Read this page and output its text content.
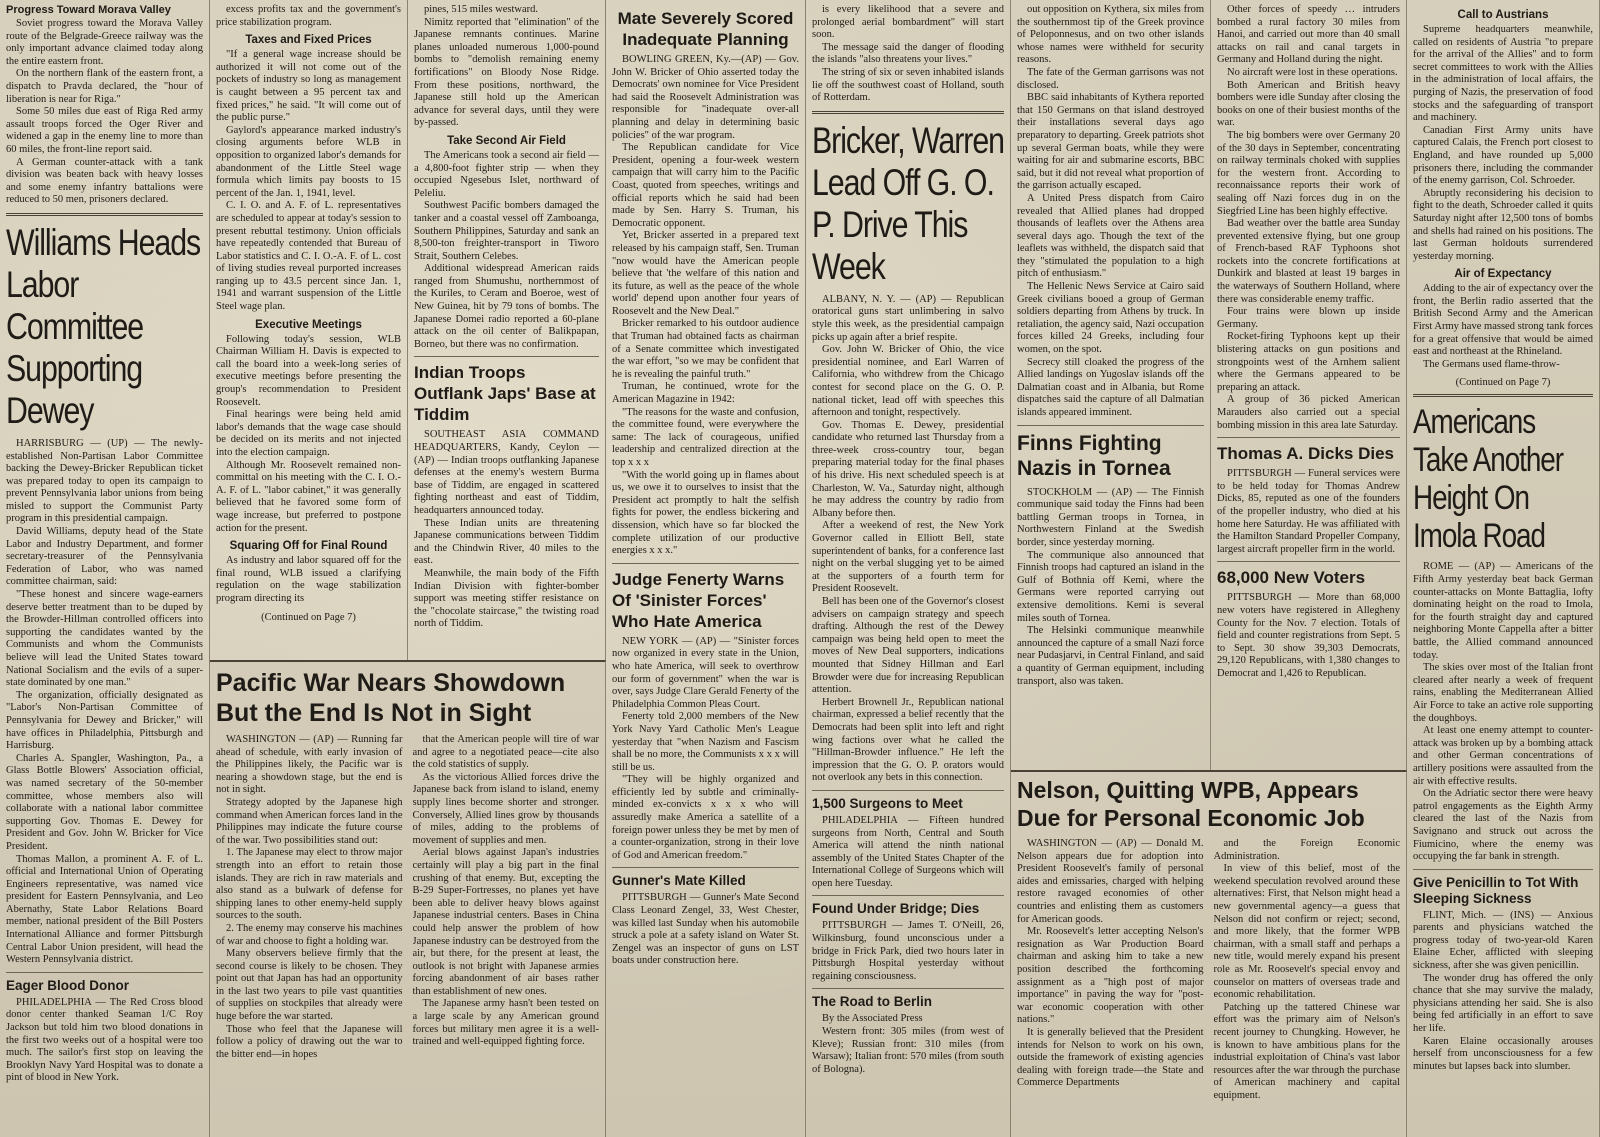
Progress Toward Morava Valley

Soviet progress toward the Morava Valley route of the Belgrade-Greece railway was the only important advance claimed today along the entire eastern front.

On the northern flank of the eastern front, a dispatch to Pravda declared, the "hour of liberation is near for Riga."

Some 50 miles due east of Riga Red army assault troops forced the Oger River and widened a gap in the enemy line to more than 60 miles, the front-line report said.

A German counter-attack with a tank division was beaten back with heavy losses and some enemy infantry battalions were reduced to 50 men, prisoners declared.

Williams Heads Labor Committee Supporting Dewey

HARRISBURG — (UP) — The newly-established Non-Partisan Labor Committee backing the Dewey-Bricker Republican ticket was prepared today to open its campaign to prevent Pennsylvania labor unions from being misled to support the Communist Party program in this presidential campaign.

David Williams, deputy head of the State Labor and Industry Department, and former secretary-treasurer of the Pennsylvania Federation of Labor, who was named committee chairman, said:

"These honest and sincere wage-earners deserve better treatment than to be duped by the Browder-Hillman controlled officers into supporting the candidates wanted by the Communists and whom the Communists believe will lead the United States toward National Socialism and the evils of a super-state dominated by one man."

The organization, officially designated as "Labor's Non-Partisan Committee of Pennsylvania for Dewey and Bricker," will have offices in Philadelphia, Pittsburgh and Harrisburg.

Charles A. Spangler, Washington, Pa., a Glass Bottle Blowers' Association official, was named secretary of the 50-member committee, whose members also will collaborate with a national labor committee supporting Gov. Thomas E. Dewey for President and Gov. John W. Bricker for Vice President.

Thomas Mallon, a prominent A. F. of L. official and International Union of Operating Engineers representative, was named vice president for Eastern Pennsylvania, and Leo Abernathy, State Labor Relations Board member, national president of the Bill Posters International Alliance and former Pittsburgh Central Labor Union president, will head the Western Pennsylvania district.

Eager Blood Donor

PHILADELPHIA — The Red Cross blood donor center thanked Seaman 1/C Roy Jackson but told him two blood donations in the first two weeks out of a hospital were too much. The sailor's first stop on leaving the Brooklyn Navy Yard Hospital was to donate a pint of blood in New York.

excess profits tax and the government's price stabilization program.

Taxes and Fixed Prices

"If a general wage increase should be authorized it will not come out of the pockets of industry so long as management is caught between a 95 percent tax and fixed prices," he said. "It will come out of the public purse."

Gaylord's appearance marked industry's closing arguments before WLB in opposition to organized labor's demands for abandonment of the Little Steel wage formula which limits pay boosts to 15 percent of the Jan. 1, 1941, level.

C. I. O. and A. F. of L. representatives are scheduled to appear at today's session to present rebuttal testimony. Union officials have repeatedly contended that Bureau of Labor statistics and C. I. O.-A. F. of L. cost of living studies reveal purported increases ranging up to 43.5 percent since Jan. 1, 1941 and warrant suspension of the Little Steel wage plan.

Executive Meetings

Following today's session, WLB Chairman William H. Davis is expected to call the board into a week-long series of executive meetings before presenting the group's recommendation to President Roosevelt.

Final hearings were being held amid labor's demands that the wage case should be decided on its merits and not injected into the election campaign.

Although Mr. Roosevelt remained non-committal on his meeting with the C. I. O.-A. F. of L. "labor cabinet," it was generally believed that he favored some form of wage increase, but preferred to postpone action for the present.

Squaring Off for Final Round

As industry and labor squared off for the final round, WLB issued a clarifying regulation on the wage stabilization program directing its

(Continued on Page 7)

pines, 515 miles westward.

Nimitz reported that "elimination" of the Japanese remnants continues. Marine planes unloaded numerous 1,000-pound bombs to "demolish remaining enemy fortifications" on Bloody Nose Ridge. From these positions, northward, the Japanese still hold up the American advance for several days, until they were by-passed.

Take Second Air Field

The Americans took a second air field — a 4,800-foot fighter strip — when they occupied Ngesebus Islet, northward of Peleliu.

Southwest Pacific bombers damaged the tanker and a coastal vessel off Zamboanga, Southern Philippines, Saturday and sank an 8,500-ton freighter-transport in Tiworo Strait, Southern Celebes.

Additional widespread American raids ranged from Shumushu, northernmost of the Kuriles, to Ceram and Boeroe, west of New Guinea, hit by 79 tons of bombs. The Japanese Domei radio reported a 60-plane attack on the oil center of Balikpapan, Borneo, but there was no confirmation.

Indian Troops Outflank Japs' Base at Tiddim

SOUTHEAST ASIA COMMAND HEADQUARTERS, Kandy, Ceylon — (AP) — Indian troops outflanking Japanese defenses at the enemy's western Burma base of Tiddim, are engaged in scattered fighting northeast and east of Tiddim, headquarters announced today.

These Indian units are threatening Japanese communications between Tiddim and the Chindwin River, 40 miles to the east.

Meanwhile, the main body of the Fifth Indian Division with fighter-bomber support was meeting stiffer resistance on the "chocolate staircase," the twisting road north of Tiddim.

Mate Severely Scored Inadequate Planning

BOWLING GREEN, Ky.—(AP) — Gov. John W. Bricker of Ohio asserted today the Democrats' own nominee for Vice President had said the Roosevelt Administration was responsible for "inadequate over-all planning and delay in determining basic policies" of the war program.

The Republican candidate for Vice President, opening a four-week western campaign that will carry him to the Pacific Coast, quoted from speeches, writings and official reports which he said had been made by Sen. Harry S. Truman, his Democratic opponent.

Yet, Bricker asserted in a prepared text released by his campaign staff, Sen. Truman "now would have the American people believe that 'the welfare of this nation and its future, as well as the peace of the whole world' depend upon another four years of Roosevelt and the New Deal."

Bricker remarked to his outdoor audience that Truman had obtained facts as chairman of a Senate committee which investigated the war effort, "so we may be confident that he is revealing the painful truth."

Truman, he continued, wrote for the American Magazine in 1942:

"The reasons for the waste and confusion, the committee found, were everywhere the same: The lack of courageous, unified leadership and centralized direction at the top x x x

"With the world going up in flames about us, we owe it to ourselves to insist that the President act promptly to halt the selfish fights for power, the endless bickering and dissension, which have so far blocked the complete utilization of our productive energies x x x."

Judge Fenerty Warns Of 'Sinister Forces' Who Hate America

NEW YORK — (AP) — "Sinister forces now organized in every state in the Union, who hate America, will seek to overthrow our form of government" when the war is over, says Judge Clare Gerald Fenerty of the Philadelphia Common Pleas Court.

Fenerty told 2,000 members of the New York Navy Yard Catholic Men's League yesterday that "when Nazism and Fascism shall be no more, the Communists x x x will still be us.

"They will be highly organized and efficiently led by subtle and criminally-minded ex-convicts x x x who will assuredly make America a satellite of a foreign power unless they be met by men of a counter-organization, strong in their love of God and American freedom."

Gunner's Mate Killed

PITTSBURGH — Gunner's Mate Second Class Leonard Zengel, 33, West Chester, was killed last Sunday when his automobile struck a pole at a safety island on Water St. Zengel was an inspector of guns on LST boats under construction here.

is every likelihood that a severe and prolonged aerial bombardment" will start soon.

The message said the danger of flooding the islands "also threatens your lives."

The string of six or seven inhabited islands lie off the southwest coast of Holland, south of Rotterdam.

Bricker, Warren Lead Off G. O. P. Drive This Week

ALBANY, N. Y. — (AP) — Republican oratorical guns start unlimbering in salvo style this week, as the presidential campaign picks up again after a brief respite.

Gov. John W. Bricker of Ohio, the vice presidential nominee, and Earl Warren of California, who withdrew from the Chicago contest for second place on the G. O. P. national ticket, lead off with speeches this afternoon and tonight, respectively.

Gov. Thomas E. Dewey, presidential candidate who returned last Thursday from a three-week cross-country tour, began preparing material today for the final phases of his drive. His next scheduled speech is at Charleston, W. Va., Saturday night, although he may address the country by radio from Albany before then.

After a weekend of rest, the New York Governor called in Elliott Bell, state superintendent of banks, for a conference last night on the verbal slugging yet to be aimed at the supporters of a fourth term for President Roosevelt.

Bell has been one of the Governor's closest advisers on campaign strategy and speech drafting. Although the rest of the Dewey campaign was being held open to meet the moves of New Deal supporters, indications mounted that Sidney Hillman and Earl Browder were due for increasing Republican attention.

Herbert Brownell Jr., Republican national chairman, expressed a belief recently that the Democrats had been split into left and right wing factions over what he called the "Hillman-Browder influence." He left the impression that the G. O. P. orators would not overlook any bets in this connection.

1,500 Surgeons to Meet

PHILADELPHIA — Fifteen hundred surgeons from North, Central and South America will attend the ninth national assembly of the United States Chapter of the International College of Surgeons which will open here Tuesday.

Found Under Bridge; Dies

PITTSBURGH — James T. O'Neill, 26, Wilkinsburg, found unconscious under a bridge in Frick Park, died two hours later in Pittsburgh Hospital yesterday without regaining consciousness.

The Road to Berlin

By the Associated Press

Western front: 305 miles (from west of Kleve); Russian front: 310 miles (from Warsaw); Italian front: 570 miles (from south of Bologna).

out opposition on Kythera, six miles from the southernmost tip of the Greek province of Peloponnesus, and on two other islands whose names were withheld for security reasons.

The fate of the German garrisons was not disclosed.

BBC said inhabitants of Kythera reported that 150 Germans on that island destroyed their installations several days ago preparatory to departing. Greek patriots shot up several German boats, while they were waiting for air and submarine escorts, BBC said, but it did not reveal what proportion of the garrison actually escaped.

A United Press dispatch from Cairo revealed that Allied planes had dropped thousands of leaflets over the Athens area several days ago. Though the text of the leaflets was withheld, the dispatch said that they "stimulated the population to a high pitch of enthusiasm."

The Hellenic News Service at Cairo said Greek civilians booed a group of German soldiers departing from Athens by truck. In retaliation, the agency said, Nazi occupation forces killed 24 Greeks, including four women, on the spot.

Secrecy still cloaked the progress of the Allied landings on Yugoslav islands off the Dalmatian coast and in Albania, but Rome dispatches said the capture of all Dalmatian islands appeared imminent.

Finns Fighting Nazis in Tornea

STOCKHOLM — (AP) — The Finnish communique said today the Finns had been battling German troops in Tornea, in Northwestern Finland at the Swedish border, since yesterday morning.

The communique also announced that Finnish troops had captured an island in the Gulf of Bothnia off Kemi, where the Germans were reported carrying out extensive demolitions. Kemi is several miles south of Tornea.

The Helsinki communique meanwhile announced the capture of a small Nazi force near Pudasjarvi, in Central Finland, and said a quantity of German equipment, including transport, also was taken.

Other forces of speedy … intruders bombed a rural factory 30 miles from Hanoi, and carried out more than 40 small attacks on rail and canal targets in Germany and Holland during the night.

No aircraft were lost in these operations.

Both American and British heavy bombers were idle Sunday after closing the books on one of their busiest months of the war.

The big bombers were over Germany 20 of the 30 days in September, concentrating on railway terminals choked with supplies for the western front. According to reconnaissance reports their work of sealing off Nazi forces dug in on the Siegfried Line has been highly effective.

Bad weather over the battle area Sunday prevented extensive flying, but one group of French-based RAF Typhoons shot rockets into the concrete fortifications at Dunkirk and blasted at least 19 barges in the waterways of Southern Holland, where there was considerable enemy traffic.

Four trains were blown up inside Germany.

Rocket-firing Typhoons kept up their blistering attacks on gun positions and strongpoints west of the Arnhem salient where the Germans appeared to be preparing an attack.

A group of 36 picked American Marauders also carried out a special bombing mission in this area late Saturday.

Thomas A. Dicks Dies

PITTSBURGH — Funeral services were to be held today for Thomas Andrew Dicks, 85, reputed as one of the founders of the propeller industry, who died at his home here Saturday. He was affiliated with the Hamilton Standard Propeller Company, largest aircraft propeller firm in the world.

68,000 New Voters

PITTSBURGH — More than 68,000 new voters have registered in Allegheny County for the Nov. 7 election. Totals of field and counter registrations from Sept. 5 to Sept. 30 show 39,303 Democrats, 29,120 Republicans, with 1,380 changes to Democrat and 1,426 to Republican.

Call to Austrians

Supreme headquarters meanwhile, called on residents of Austria "to prepare for the arrival of the Allies" and to form secret committees to work with the Allies in the administration of local affairs, the purging of Nazis, the preservation of food stocks and the safeguarding of transport and machinery.

Canadian First Army units have captured Calais, the French port closest to England, and have rounded up 5,000 prisoners there, including the commander of the enemy garrison, Col. Schroeder.

Abruptly reconsidering his decision to fight to the death, Schroeder called it quits Saturday night after 12,500 tons of bombs and shells had rained on his positions. The last German holdouts surrendered yesterday morning.

Air of Expectancy

Adding to the air of expectancy over the front, the Berlin radio asserted that the British Second Army and the American First Army have massed strong tank forces for a great offensive that would be aimed east and northeast at the Rhineland.

The Germans used flame-throw-

(Continued on Page 7)
Americans Take Another Height On Imola Road

ROME — (AP) — Americans of the Fifth Army yesterday beat back German counter-attacks on Monte Battaglia, lofty dominating height on the road to Imola, for the fourth straight day and captured neighboring Monte Cappella after a bitter battle, the Allied command announced today.

The skies over most of the Italian front cleared after nearly a week of frequent rains, enabling the Mediterranean Allied Air Force to take an active role supporting the doughboys.

At least one enemy attempt to counter-attack was broken up by a bombing attack and other German concentrations of artillery positions were assaulted from the air with effective results.

On the Adriatic sector there were heavy patrol engagements as the Eighth Army cleared the last of the Nazis from Savignano and struck out across the Fiumicino, where the enemy was occupying the far bank in strength.

Give Penicillin to Tot With Sleeping Sickness

FLINT, Mich. — (INS) — Anxious parents and physicians watched the progress today of two-year-old Karen Elaine Echer, afflicted with sleeping sickness, after she was given penicillin.

The wonder drug has offered the only chance that she may survive the malady, physicians attending her said. She is also being fed artificially in an effort to save her life.

Karen Elaine occasionally arouses herself from unconsciousness for a few minutes but lapses back into slumber.

Pacific War Nears Showdown
But the End Is Not in Sight

WASHINGTON — (AP) — Running far ahead of schedule, with early invasion of the Philippines likely, the Pacific war is nearing a showdown stage, but the end is not in sight.

Strategy adopted by the Japanese high command when American forces land in the Philippines may indicate the future course of the war. Two possibilities stand out:

1. The Japanese may elect to throw major strength into an effort to retain those islands. They are rich in raw materials and also stand as a bulwark of defense for shipping lanes to other enemy-held supply sources to the south.

2. The enemy may conserve his machines of war and choose to fight a holding war.

Many observers believe firmly that the second course is likely to be chosen. They point out that Japan has had an opportunity in the last two years to pile vast quantities of supplies on stockpiles that already were huge before the war started.

Those who feel that the Japanese will follow a policy of drawing out the war to the bitter end—in hopes

that the American people will tire of war and agree to a negotiated peace—cite also the cold statistics of supply.

As the victorious Allied forces drive the Japanese back from island to island, enemy supply lines become shorter and stronger. Conversely, Allied lines grow by thousands of miles, adding to the problems of movement of supplies and men.

Aerial blows against Japan's industries certainly will play a big part in the final crushing of that enemy. But, excepting the B-29 Super-Fortresses, no planes yet have been able to deliver heavy blows against Japanese industrial centers. Bases in China could help answer the problem of how Japanese industry can be destroyed from the air, but there, for the present at least, the outlook is not bright with Japanese armies forcing abandonment of air bases rather than establishment of new ones.

The Japanese army hasn't been tested on a large scale by any American ground forces but military men agree it is a well-trained and well-equipped fighting force.

Nelson, Quitting WPB, Appears Due for Personal Economic Job

WASHINGTON — (AP) — Donald M. Nelson appears due for adoption into President Roosevelt's family of personal aides and emissaries, charged with helping restore ravaged economies of other countries and enlisting them as customers for American goods.

Mr. Roosevelt's letter accepting Nelson's resignation as War Production Board chairman and asking him to take a new position described the forthcoming assignment as a "high post of major importance" in paving the way for "post-war economic cooperation with other nations."

It is generally believed that the President intends for Nelson to work on his own, outside the framework of existing agencies dealing with foreign trade—the State and Commerce Departments

and the Foreign Economic Administration.

In view of this belief, most of the weekend speculation revolved around these alternatives: First, that Nelson might head a new governmental agency—a guess that Nelson did not confirm or reject; second, and more likely, that the former WPB chairman, with a small staff and perhaps a new title, would merely expand his present role as Mr. Roosevelt's special envoy and counselor on matters of overseas trade and economic rehabilitation.

Patching up the tattered Chinese war effort was the primary aim of Nelson's recent journey to Chungking. However, he is known to have ambitious plans for the industrial exploitation of China's vast labor resources after the war through the purchase of American machinery and capital equipment.
